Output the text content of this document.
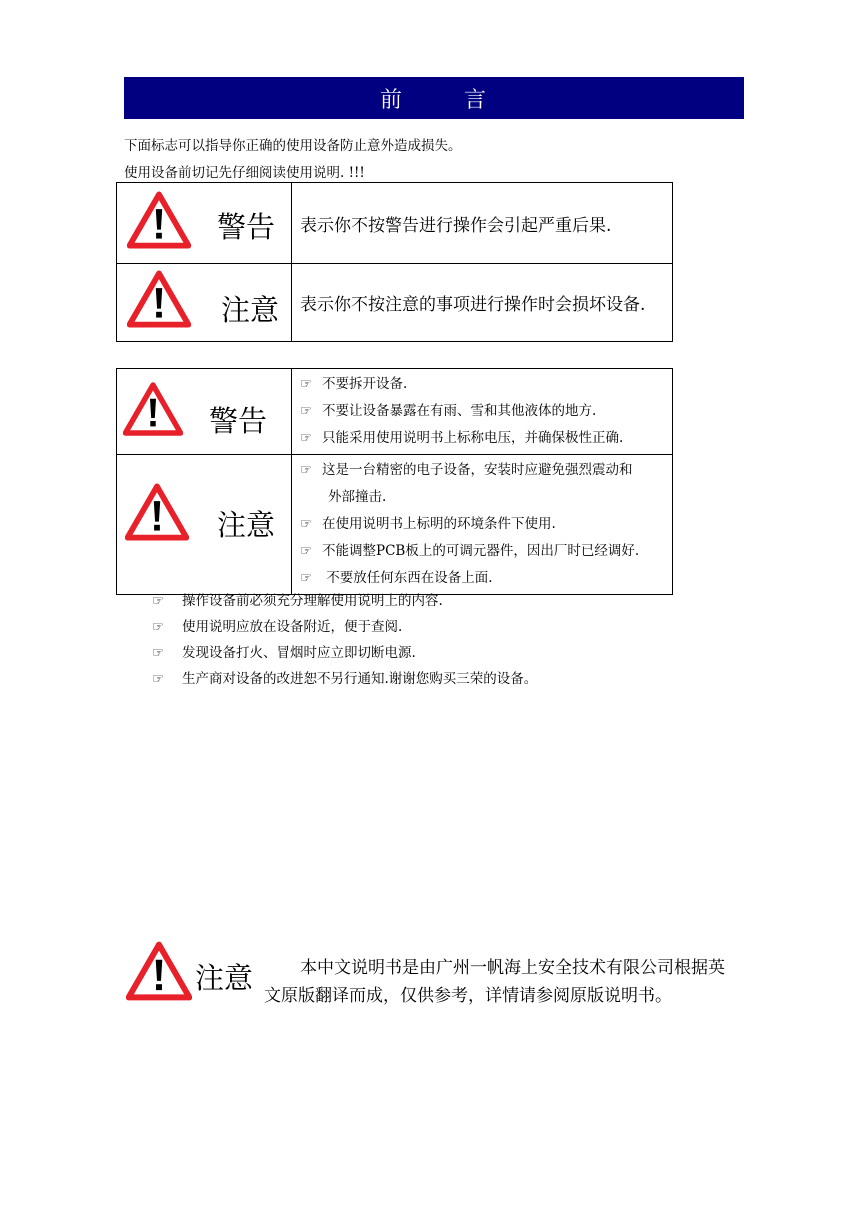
前	言
下面标志可以指导你正确的使用设备防止意外造成损失。
使用设备前切记先仔细阅读使用说明. !!!
警告	表示你不按警告进行操作会引起严重后果.

注意	表示你不按注意的事项进行操作时会损坏设备.
警告	☞ 不要拆开设备.
☞ 不要让设备暴露在有雨、雪和其他液体的地方.
☞ 只能采用使用说明书上标称电压，并确保极性正确.

注意	☞ 这是一台精密的电子设备，安装时应避免强烈震动和
外部撞击.
☞ 在使用说明书上标明的环境条件下使用.
☞ 不能调整PCB板上的可调元器件，因出厂时已经调好.
☞ 不要放任何东西在设备上面.
☞ 操作设备前必须充分理解使用说明上的内容.
☞ 使用说明应放在设备附近，便于查阅.
☞ 发现设备打火、冒烟时应立即切断电源.
☞ 生产商对设备的改进恕不另行通知.谢谢您购买三荣的设备。
注意	本中文说明书是由广州一帆海上安全技术有限公司根据英
文原版翻译而成，仅供参考，详情请参阅原版说明书。
